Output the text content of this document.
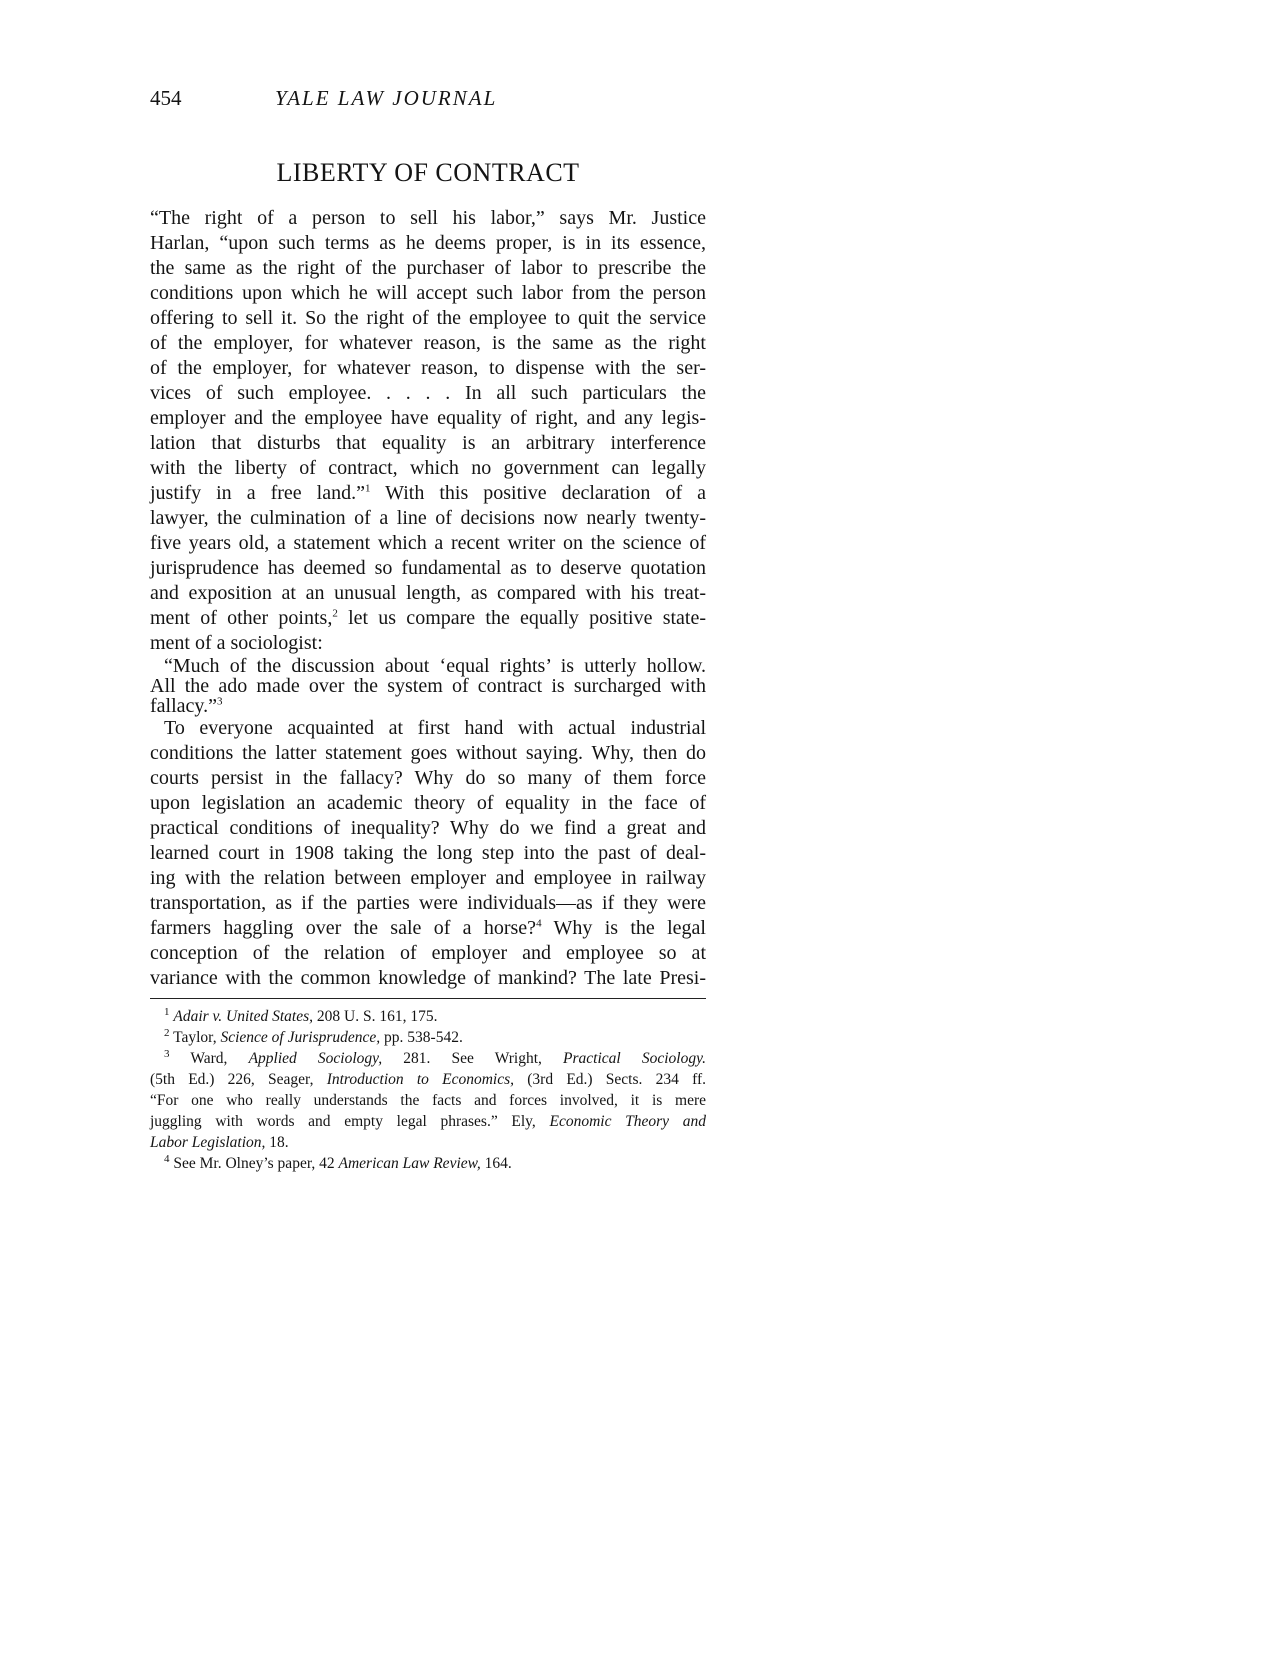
454	YALE LAW JOURNAL
LIBERTY OF CONTRACT
“The right of a person to sell his labor,” says Mr. Justice
Harlan, “upon such terms as he deems proper, is in its essence,
the same as the right of the purchaser of labor to prescribe the
conditions upon which he will accept such labor from the person
offering to sell it. So the right of the employee to quit the service
of the employer, for whatever reason, is the same as the right
of the employer, for whatever reason, to dispense with the ser-
vices of such employee. . . . . In all such particulars the
employer and the employee have equality of right, and any legis-
lation that disturbs that equality is an arbitrary interference
with the liberty of contract, which no government can legally
justify in a free land.”$^1$ With this positive declaration of a
lawyer, the culmination of a line of decisions now nearly twenty-
five years old, a statement which a recent writer on the science of
jurisprudence has deemed so fundamental as to deserve quotation
and exposition at an unusual length, as compared with his treat-
ment of other points,$^2$ let us compare the equally positive state-
ment of a sociologist:
“Much of the discussion about ‘equal rights’ is utterly hollow.
All the ado made over the system of contract is surcharged with
fallacy.”$^3$
To everyone acquainted at first hand with actual industrial
conditions the latter statement goes without saying. Why, then do
courts persist in the fallacy? Why do so many of them force
upon legislation an academic theory of equality in the face of
practical conditions of inequality? Why do we find a great and
learned court in 1908 taking the long step into the past of deal-
ing with the relation between employer and employee in railway
transportation, as if the parties were individuals—as if they were
farmers haggling over the sale of a horse?$^4$ Why is the legal
conception of the relation of employer and employee so at
variance with the common knowledge of mankind? The late Presi-
$^1$ Adair v. United States, 208 U. S. 161, 175.
$^2$ Taylor, Science of Jurisprudence, pp. 538-542.
$^3$ Ward, Applied Sociology, 281. See Wright, Practical Sociology.
(5th Ed.) 226, Seager, Introduction to Economics, (3rd Ed.) Sects. 234 ff.
“For one who really understands the facts and forces involved, it is mere
juggling with words and empty legal phrases.” Ely, Economic Theory and
Labor Legislation, 18.
$^4$ See Mr. Olney’s paper, 42 American Law Review, 164.
